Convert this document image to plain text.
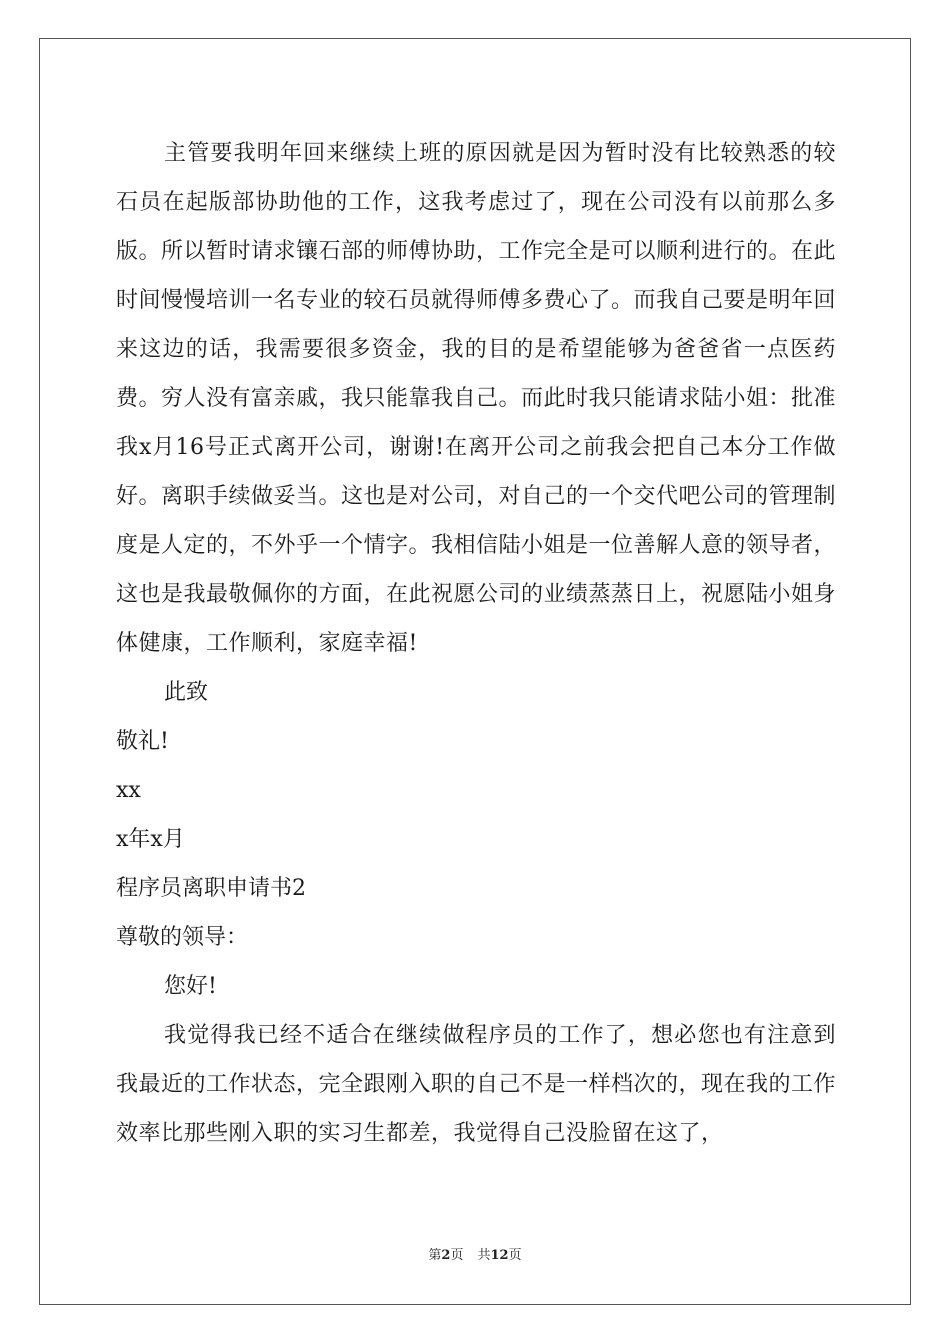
主管要我明年回来继续上班的原因就是因为暂时没有比较熟悉的较石员在起版部协助他的工作，这我考虑过了，现在公司没有以前那么多版。所以暂时请求镶石部的师傅协助，工作完全是可以顺利进行的。在此时间慢慢培训一名专业的较石员就得师傅多费心了。而我自己要是明年回来这边的话，我需要很多资金，我的目的是希望能够为爸爸省一点医药费。穷人没有富亲戚，我只能靠我自己。而此时我只能请求陆小姐：批准我x月16号正式离开公司，谢谢!在离开公司之前我会把自己本分工作做好。离职手续做妥当。这也是对公司，对自己的一个交代吧公司的管理制度是人定的，不外乎一个情字。我相信陆小姐是一位善解人意的领导者，这也是我最敬佩你的方面，在此祝愿公司的业绩蒸蒸日上，祝愿陆小姐身体健康，工作顺利，家庭幸福!

此致

敬礼!

xx

x年x月

程序员离职申请书2

尊敬的领导：

您好!

我觉得我已经不适合在继续做程序员的工作了，想必您也有注意到我最近的工作状态，完全跟刚入职的自己不是一样档次的，现在我的工作效率比那些刚入职的实习生都差，我觉得自己没脸留在这了，

第2页 共12页
